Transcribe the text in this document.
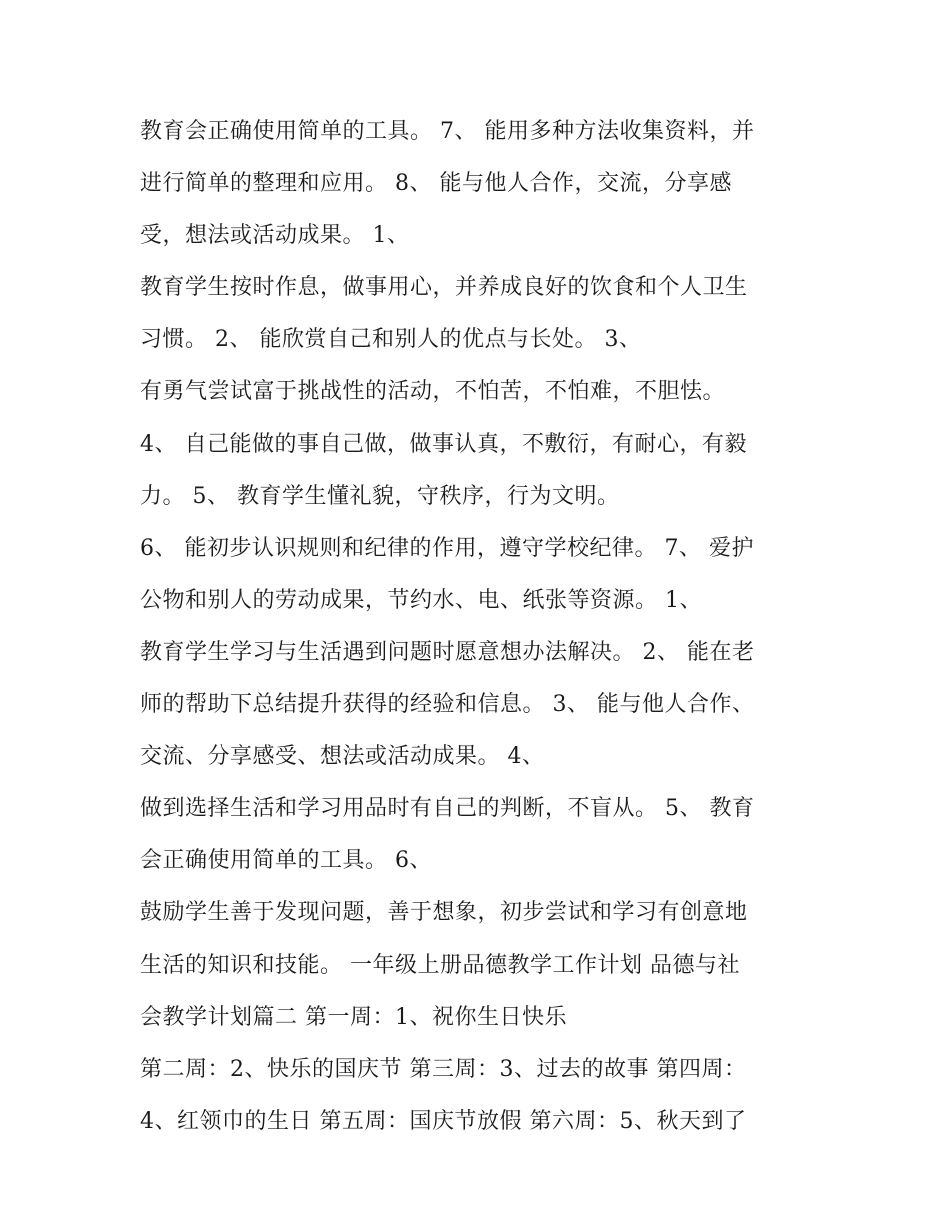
教育会正确使用简单的工具。 7、 能用多种方法收集资料，并
进行简单的整理和应用。 8、 能与他人合作，交流，分享感
受，想法或活动成果。 1、
教育学生按时作息，做事用心，并养成良好的饮食和个人卫生
习惯。 2、 能欣赏自己和别人的优点与长处。 3、
有勇气尝试富于挑战性的活动，不怕苦，不怕难，不胆怯。
4、 自己能做的事自己做，做事认真，不敷衍，有耐心，有毅
力。 5、 教育学生懂礼貌，守秩序，行为文明。
6、 能初步认识规则和纪律的作用，遵守学校纪律。 7、 爱护
公物和别人的劳动成果，节约水、电、纸张等资源。 1、
教育学生学习与生活遇到问题时愿意想办法解决。 2、 能在老
师的帮助下总结提升获得的经验和信息。 3、 能与他人合作、
交流、分享感受、想法或活动成果。 4、
做到选择生活和学习用品时有自己的判断，不盲从。 5、 教育
会正确使用简单的工具。 6、
鼓励学生善于发现问题，善于想象，初步尝试和学习有创意地
生活的知识和技能。 一年级上册品德教学工作计划 品德与社
会教学计划篇二 第一周：1、祝你生日快乐
第二周：2、快乐的国庆节 第三周：3、过去的故事 第四周：
4、红领巾的生日 第五周：国庆节放假 第六周：5、秋天到了
